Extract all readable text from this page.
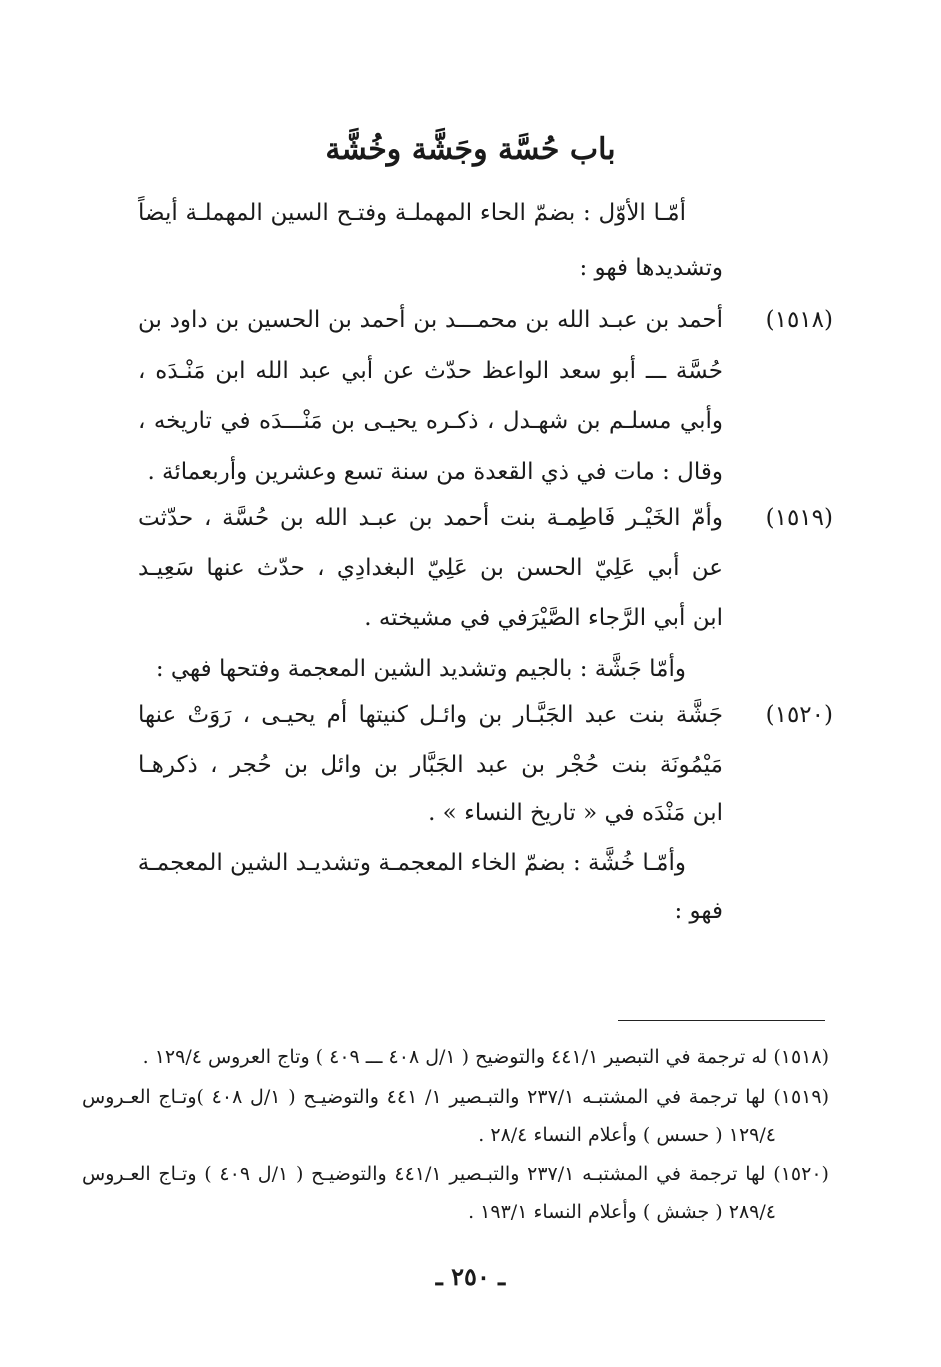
باب حُسَّة وجَشَّة وخُشَّة
أمّـا الأوّل : بضمّ الحاء المهملـة وفتـح السين المهملـة أيضاً
وتشديدها فهو :
(١٥١٨)
أحمد بن عبـد الله بن محمـــد بن أحمد بن الحسين بن داود بن
حُسَّة ـــ أبو سعد الواعظ حدّث عن أبي عبد الله ابن مَنْـدَه ،
وأبي مسلـم بن شهـدل ، ذكـره يحيـى بن مَنْـــدَه في تاريخه ،
وقال : مات في ذي القعدة من سنة تسع وعشرين وأربعمائة .
(١٥١٩)
وأمّ الخَيْـر فَاطِمـة بنت أحمد بن عبـد الله بن حُسَّة ، حدّثت
عن أبي عَلِيّ الحسن بن عَلِيّ البغدادِي ، حدّث عنها سَعِيـد
ابن أبي الرَّجاء الصَّيْرَفي في مشيخته .
وأمّا جَشَّة : بالجيم وتشديد الشين المعجمة وفتحها فهي :
(١٥٢٠)
جَشَّة بنت عبد الجَبَّـار بن وائـل كنيتها أم يحيـى ، رَوَتْ عنها
مَيْمُونَة بنت حُجْر بن عبد الجَبَّار بن وائل بن حُجر ، ذكرهـا
ابن مَنْدَه في « تاريخ النساء » .
وأمّـا خُشَّة : بضمّ الخاء المعجمـة وتشديـد الشين المعجمـة
فهو :
(١٥١٨) له ترجمة في التبصير ٤٤١/١ والتوضيح ( ١/ل ٤٠٨ ـــ ٤٠٩ ) وتاج العروس ١٢٩/٤ .
(١٥١٩) لها ترجمة في المشتبـه ٢٣٧/١ والتبـصير ١/ ٤٤١ والتوضيـح ( ١/ل ٤٠٨ )وتـاج العـروس
١٢٩/٤ ( حسس ) وأعلام النساء ٢٨/٤ .
(١٥٢٠) لها ترجمة في المشتبـه ٢٣٧/١ والتبـصير ٤٤١/١ والتوضيـح ( ١/ل ٤٠٩ ) وتـاج العـروس
٢٨٩/٤ ( جشش ) وأعلام النساء ١٩٣/١ .
ـ ٢٥٠ ـ
